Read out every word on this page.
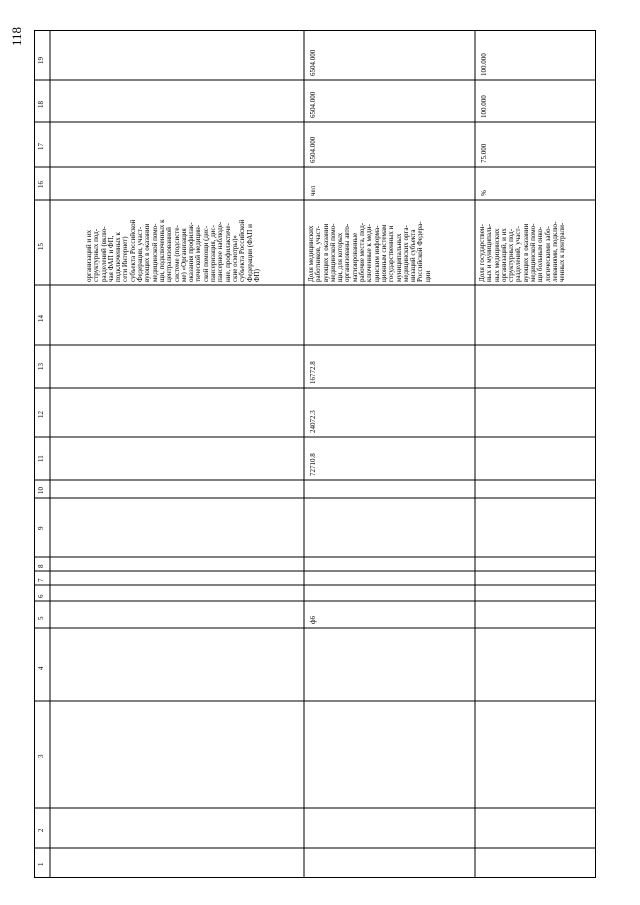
118
19
18
17
16
15
14
13
12
11
10
9
8
7
6
5
4
3
2
1
организаций и их
структурных под-
разделений (вклю-
чая ФАП и ФП,
подключенных к
сети Интернет)
субъекта Российской
Федерации, участ-
вующих в оказании
медицинской помо-
щи, подключенных к
централизованной
системе (подсисте-
ме) «Организация
оказания профилак-
тической медицин-
ской помощи (дис-
пансеризация, дис-
пансерное наблюде-
ние, профилактиче-
ские осмотры)»
субъекта Российской
Федерации (ФАП и
ФП)	Доля медицинских
работников, участ-
вующих в оказании
медицинской помо-
щи, для которых
организованы авто-
матизированные
рабочие места, под-
ключенные к меди-
цинским информа-
ционным системам
государственных и
муниципальных
медицинских орга-
низаций субъекта
Российской Федера-
ции
чел
6504.000
6504.000
6504.000
16772.8
24072.3
72710.8
ф6
Доля государствен-
ных и муниципаль-
ных медицинских
организаций, и их
структурных под-
разделений, участ-
вующих в оказании
медицинской помо-
щи больным онко-
логическими забо-
леваниями, подклю-
ченных к централи-
%
75.000
100.000
100.000
